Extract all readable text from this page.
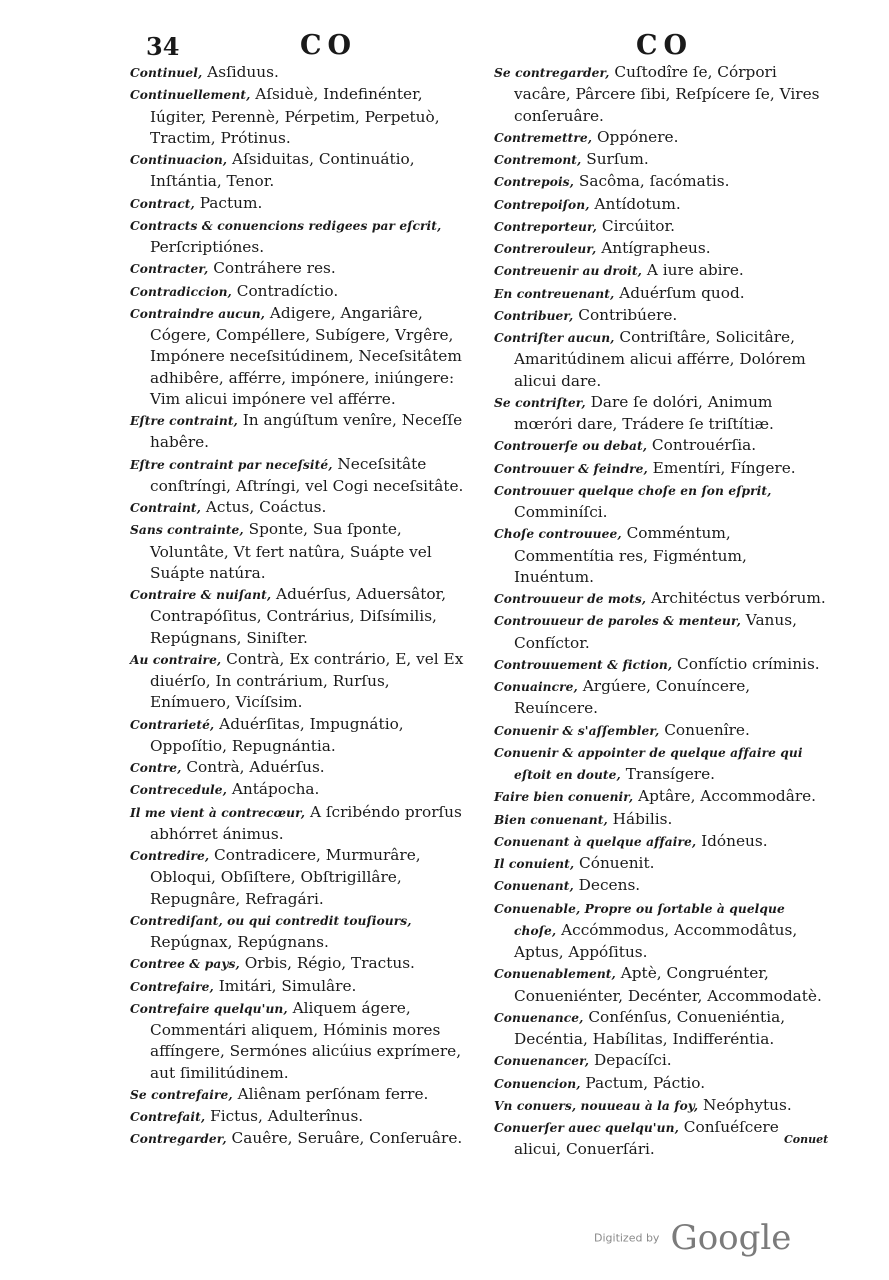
34	CO	CO

Continuel, Asſiduus.

Continuellement, Aſsiduè, Indefinénter, Iúgiter, Perennè, Pérpetim, Perpetuò, Tractim, Prótinus.

Continuacion, Aſsiduitas, Continuátio, Inſtántia, Tenor.

Contract, Pactum.

Contracts & conuencions redigees par eſcrit, Perſcriptiónes.

Contracter, Contráhere res.

Contradiccion, Contradíctio.

Contraindre aucun, Adigere, Angariâre, Cógere, Compéllere, Subígere, Vrgêre, Impónere neceſsitúdinem, Neceſsitâtem adhibêre, afférre, impónere, iniúngere: Vim alicui impónere vel afférre.

Eſtre contraint, In angúſtum venîre, Neceſſe habêre.

Eſtre contraint par neceſsité, Neceſsitâte conſtríngi, Aſtríngi, vel Cogi neceſsitâte.

Contraint, Actus, Coáctus.

Sans contrainte, Sponte, Sua ſponte, Voluntâte, Vt fert natûra, Suápte vel Suápte natúra.

Contraire & nuiſant, Aduérſus, Aduersâtor, Contrapóſitus, Contrárius, Diſsímilis, Repúgnans, Siniſter.

Au contraire, Contrà, Ex contrário, E, vel Ex diuérſo, In contrárium, Rurſus, Enímuero, Vicíſsim.

Contrarieté, Aduérſitas, Impugnátio, Oppoſítio, Repugnántia.

Contre, Contrà, Aduérſus.

Contrecedule, Antápocha.

Il me vient à contrecœur, A ſcribéndo prorſus abhórret ánimus.

Contredire, Contradicere, Murmurâre, Obloqui, Obſiſtere, Obſtrigillâre, Repugnâre, Refragári.

Contrediſant, ou qui contredit touſiours, Repúgnax, Repúgnans.

Contree & pays, Orbis, Régio, Tractus.

Contrefaire, Imitári, Simulâre.

Contrefaire quelqu'un, Aliquem ágere, Commentári aliquem, Hóminis mores affíngere, Sermónes alicúius exprímere, aut ſimilitúdinem.

Se contrefaire, Aliênam perſónam ferre.

Contrefait, Fictus, Adulterînus.

Contregarder, Cauêre, Seruâre, Conſeruâre.

Se contregarder, Cuſtodîre ſe, Córpori vacâre, Pârcere ſibi, Reſpícere ſe, Vires conſeruâre.

Contremettre, Oppónere.

Contremont, Surſum.

Contrepois, Sacôma, ſacómatis.

Contrepoiſon, Antídotum.

Contreporteur, Circúitor.

Contrerouleur, Antígrapheus.

Contreuenir au droit, A iure abire.

En contreuenant, Aduérſum quod.

Contribuer, Contribúere.

Contriſter aucun, Contriſtâre, Solicitâre, Amaritúdinem alicui afférre, Dolórem alicui dare.

Se contriſter, Dare ſe dolóri, Animum mœróri dare, Trádere ſe triſtítiæ.

Controuerſe ou debat, Controuérſia.

Controuuer & feindre, Ementíri, Fíngere.

Controuuer quelque choſe en ſon eſprit, Comminíſci.

Choſe controuuee, Comméntum, Commentítia res, Figméntum, Inuéntum.

Controuueur de mots, Architéctus verbórum.

Controuueur de paroles & menteur, Vanus, Confíctor.

Controuuement & fiction, Confíctio críminis.

Conuaincre, Argúere, Conuíncere, Reuíncere.

Conuenir & s'aſſembler, Conuenîre.

Conuenir & appointer de quelque affaire qui eſtoit en doute, Transígere.

Faire bien conuenir, Aptâre, Accommodâre.

Bien conuenant, Hábilis.

Conuenant à quelque affaire, Idóneus.

Il conuient, Cónuenit.

Conuenant, Decens.

Conuenable, Propre ou ſortable à quelque choſe, Accómmodus, Accommodâtus, Aptus, Appóſitus.

Conuenablement, Aptè, Congruénter, Conueniénter, Decénter, Accommodatè.

Conuenance, Conſénſus, Conueniéntia, Decéntia, Habílitas, Indifferéntia.

Conuenancer, Depacíſci.

Conuencion, Pactum, Páctio.

Vn conuers, nouueau à la foy, Neóphytus.

Conuerſer auec quelqu'un, Conſuéſcere alicui, Conuerſári.

Conuet
Digitized by Google
